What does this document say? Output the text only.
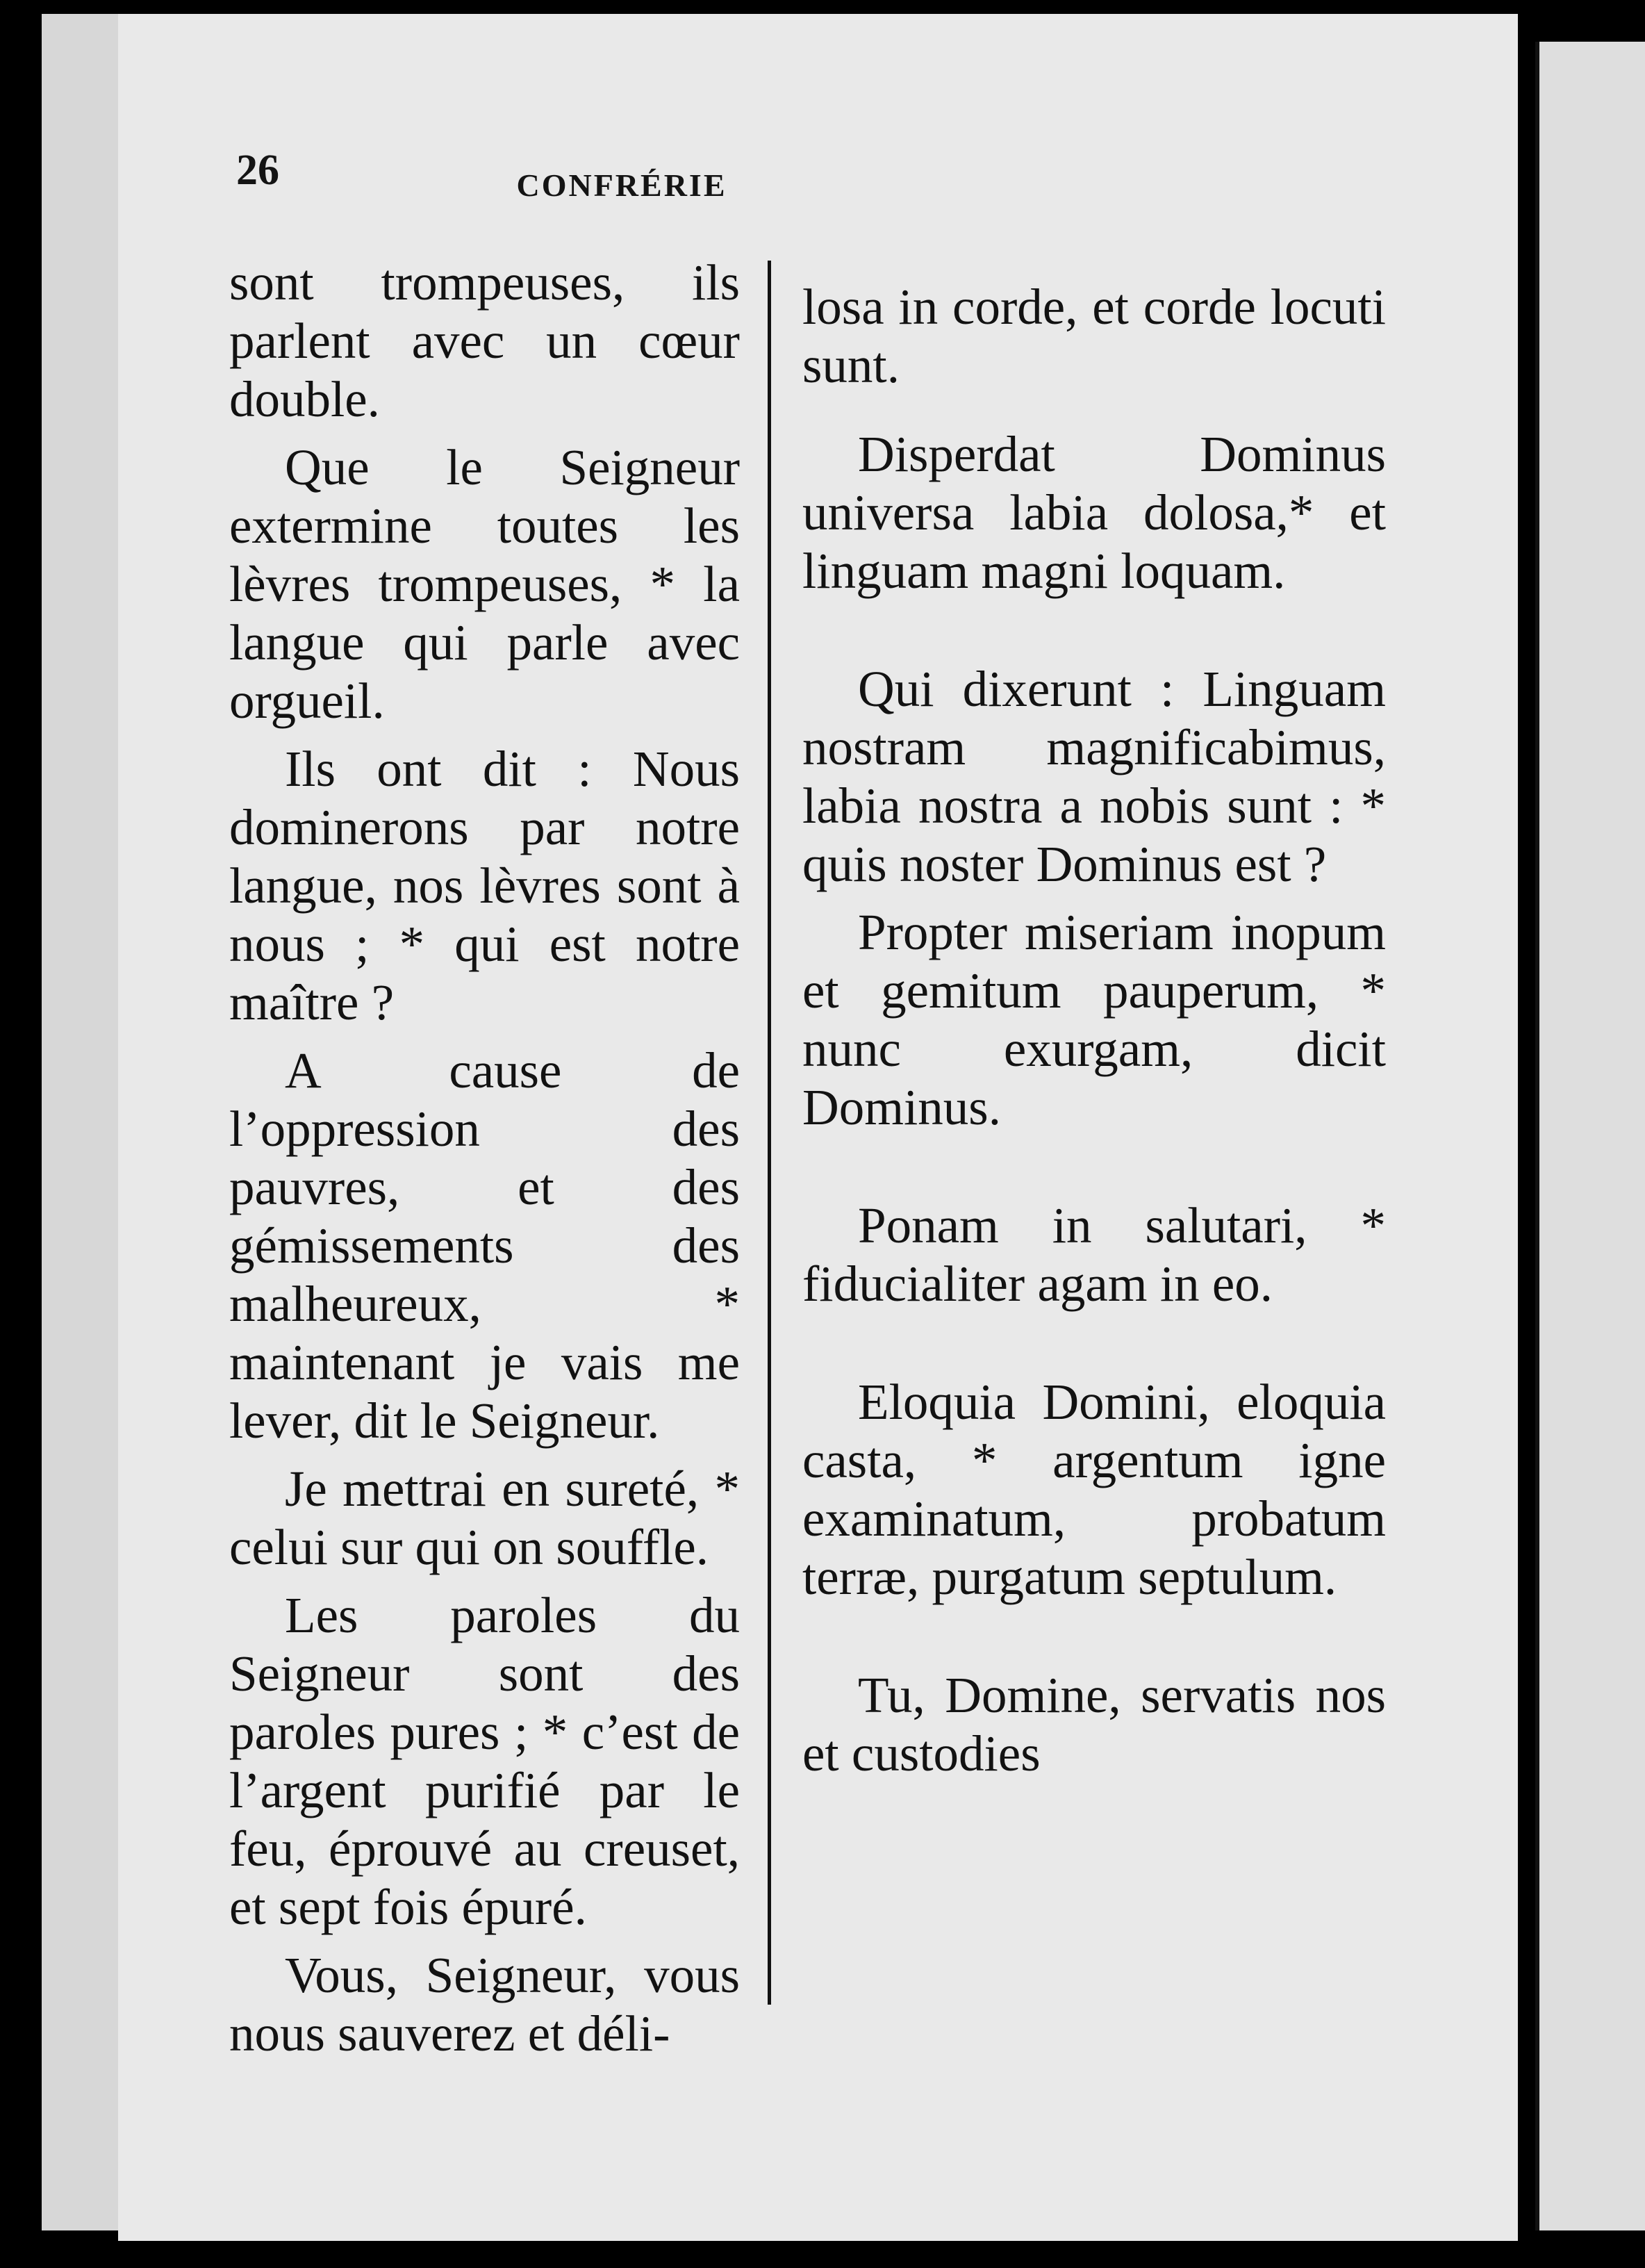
26	CONFRÉRIE

sont trompeuses, ils parlent avec un cœur double.

Que le Seigneur extermine toutes les lèvres trompeuses, * la langue qui parle avec orgueil.

Ils ont dit : Nous dominerons par notre langue, nos lèvres sont à nous ; * qui est notre maître ?

A cause de l’oppression des pauvres, et des gémissements des malheureux, * maintenant je vais me lever, dit le Seigneur.

Je mettrai en sureté, * celui sur qui on souffle.

Les paroles du Seigneur sont des paroles pures ; * c’est de l’argent purifié par le feu, éprouvé au creuset, et sept fois épuré.

Vous, Seigneur, vous nous sauverez et déli-

losa in corde, et corde locuti sunt.

Disperdat Dominus universa labia dolosa,* et linguam magni loquam.

Qui dixerunt : Linguam nostram magnificabimus, labia nostra a nobis sunt : * quis noster Dominus est ?

Propter miseriam inopum et gemitum pauperum, * nunc exurgam, dicit Dominus.

Ponam in salutari, * fiducialiter agam in eo.

Eloquia Domini, eloquia casta, * argentum igne examinatum, probatum terræ, purgatum septulum.

Tu, Domine, servatis nos et custodies
